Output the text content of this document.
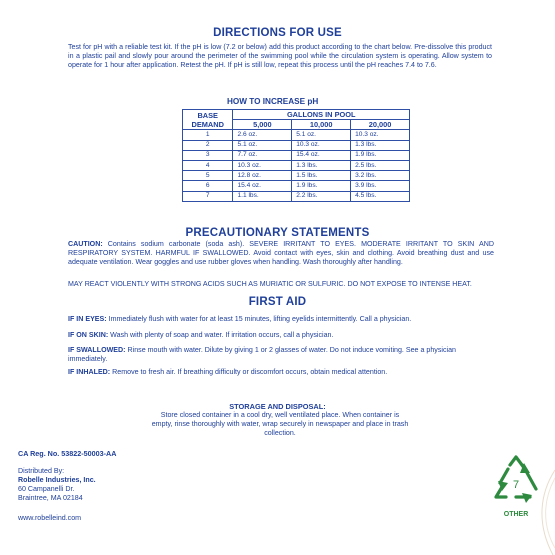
DIRECTIONS FOR USE
Test for pH with a reliable test kit. If the pH is low (7.2 or below) add this product according to the chart below. Pre-dissolve this product in a plastic pail and slowly pour around the perimeter of the swimming pool while the circulation system is operating. Allow system to operate for 1 hour after application. Retest the pH. If pH is still low, repeat this process until the pH reaches 7.4 to 7.6.
HOW TO INCREASE pH
BASE
DEMAND	GALLONS IN POOL		
	5,000	10,000	20,000
1	2.6 oz.	5.1 oz.	10.3 oz.
2	5.1 oz.	10.3 oz.	1.3 lbs.
3	7.7 oz.	15.4 oz.	1.9 lbs.
4	10.3 oz.	1.3 lbs.	2.5 lbs.
5	12.8 oz.	1.5 lbs.	3.2 lbs.
6	15.4 oz.	1.9 lbs.	3.9 lbs.
7	1.1 lbs.	2.2 lbs.	4.5 lbs.
PRECAUTIONARY STATEMENTS
CAUTION: Contains sodium carbonate (soda ash). SEVERE IRRITANT TO EYES. MODERATE IRRITANT TO SKIN AND RESPIRATORY SYSTEM. HARMFUL IF SWALLOWED. Avoid contact with eyes, skin and clothing. Avoid breathing dust and use adequate ventilation. Wear goggles and use rubber gloves when handling. Wash thoroughly after handling.
MAY REACT VIOLENTLY WITH STRONG ACIDS SUCH AS MURIATIC OR SULFURIC. DO NOT EXPOSE TO INTENSE HEAT.
FIRST AID
IF IN EYES: Immediately flush with water for at least 15 minutes, lifting eyelids intermittently. Call a physician.
IF ON SKIN: Wash with plenty of soap and water. If irritation occurs, call a physician.
IF SWALLOWED: Rinse mouth with water. Dilute by giving 1 or 2 glasses of water. Do not induce vomiting. See a physician immediately.
IF INHALED: Remove to fresh air. If breathing difficulty or discomfort occurs, obtain medical attention.
STORAGE AND DISPOSAL:
Store closed container in a cool dry, well ventilated place. When container is empty, rinse thoroughly with water, wrap securely in newspaper and place in trash collection.
CA Reg. No. 53822-50003-AA
Distributed By:
Robelle Industries, Inc.
60 Campanelli Dr.
Braintree, MA 02184
www.robelleind.com
7
OTHER
